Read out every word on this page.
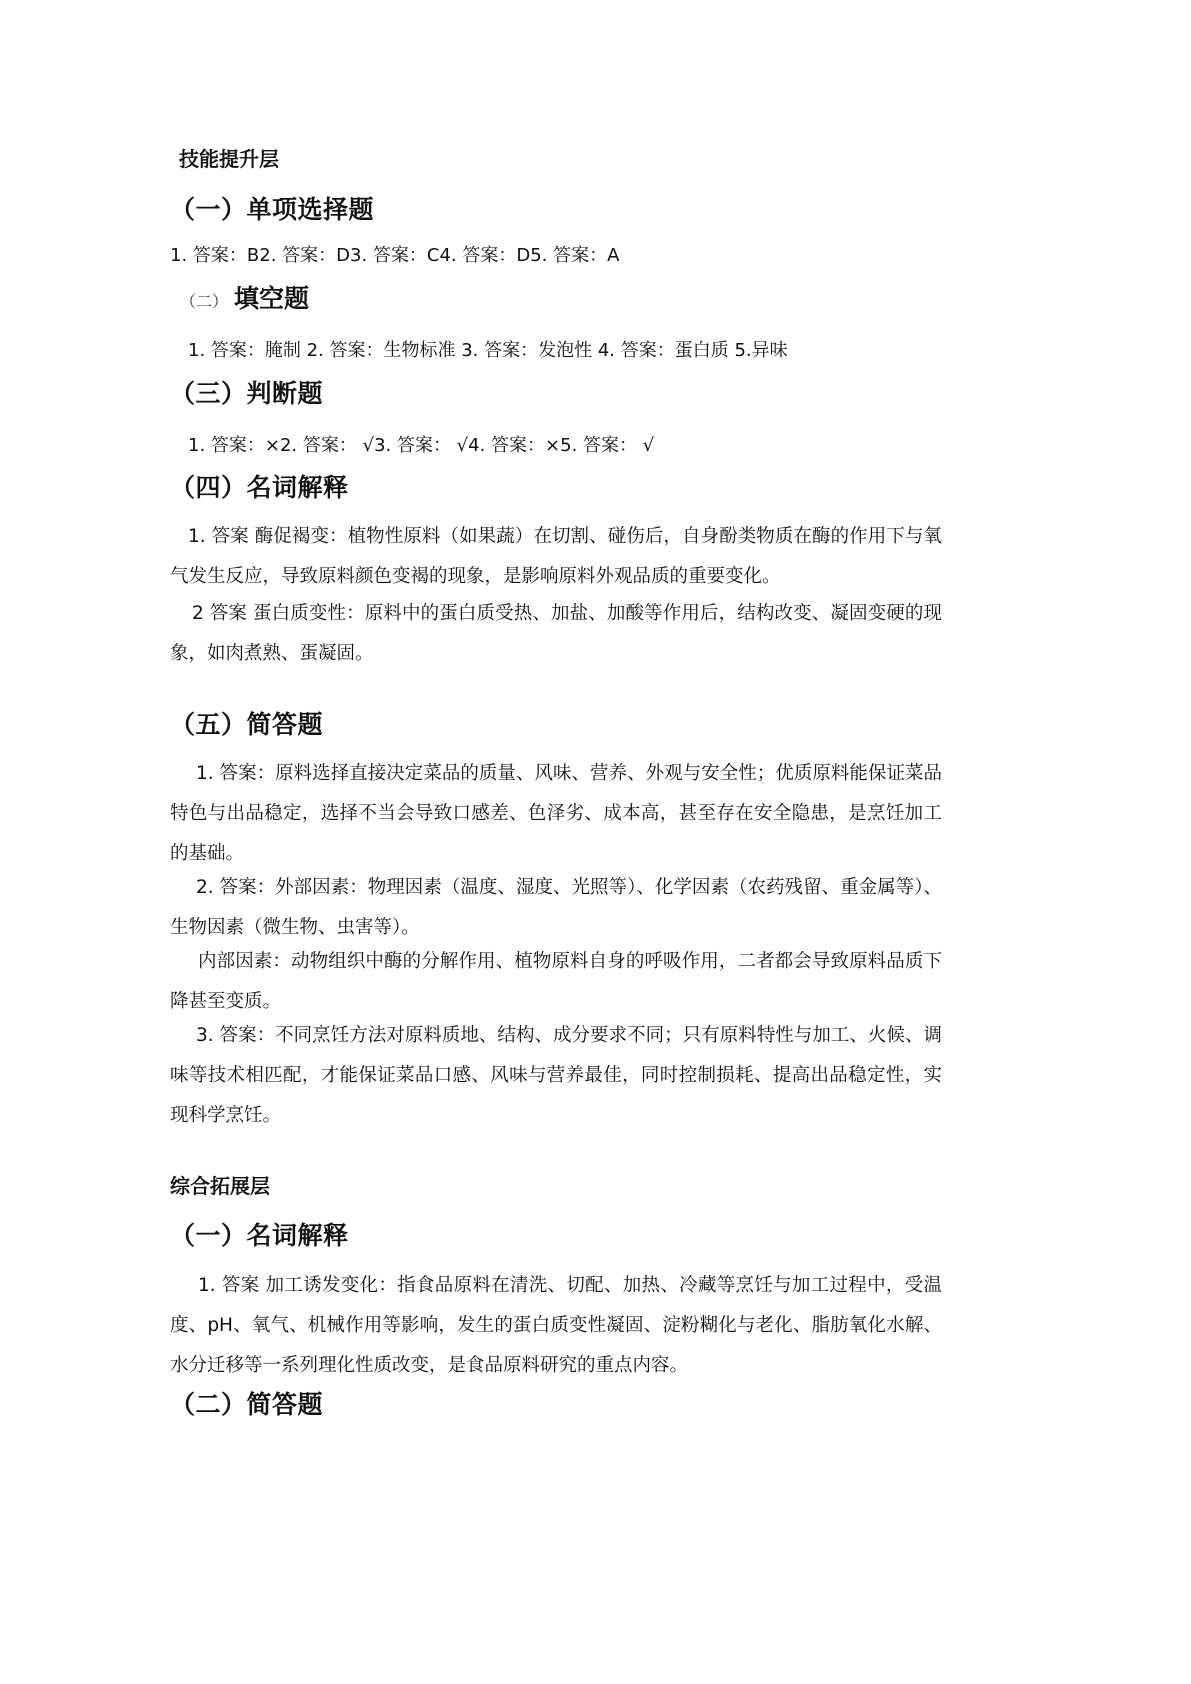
技能提升层
（一）单项选择题
1. 答案：B2. 答案：D3. 答案：C4. 答案：D5. 答案：A
（二） 填空题
1. 答案：腌制 2. 答案：生物标准 3. 答案：发泡性 4. 答案：蛋白质 5.异味
（三）判断题
1. 答案：×2. 答案： √3. 答案： √4. 答案：×5. 答案： √
（四）名词解释

1. 答案 酶促褐变：植物性原料（如果蔬）在切割、碰伤后，自身酚类物质在酶的作用下与氧气发生反应，导致原料颜色变褐的现象，是影响原料外观品质的重要变化。

2 答案 蛋白质变性：原料中的蛋白质受热、加盐、加酸等作用后，结构改变、凝固变硬的现象，如肉煮熟、蛋凝固。

（五）简答题

1. 答案：原料选择直接决定菜品的质量、风味、营养、外观与安全性；优质原料能保证菜品特色与出品稳定，选择不当会导致口感差、色泽劣、成本高，甚至存在安全隐患，是烹饪加工的基础。

2. 答案：外部因素：物理因素（温度、湿度、光照等）、化学因素（农药残留、重金属等）、生物因素（微生物、虫害等）。

内部因素：动物组织中酶的分解作用、植物原料自身的呼吸作用，二者都会导致原料品质下降甚至变质。

3. 答案：不同烹饪方法对原料质地、结构、成分要求不同；只有原料特性与加工、火候、调味等技术相匹配，才能保证菜品口感、风味与营养最佳，同时控制损耗、提高出品稳定性，实现科学烹饪。

综合拓展层
（一）名词解释

1. 答案 加工诱发变化：指食品原料在清洗、切配、加热、冷藏等烹饪与加工过程中，受温度、pH、氧气、机械作用等影响，发生的蛋白质变性凝固、淀粉糊化与老化、脂肪氧化水解、水分迁移等一系列理化性质改变，是食品原料研究的重点内容。

（二）简答题
